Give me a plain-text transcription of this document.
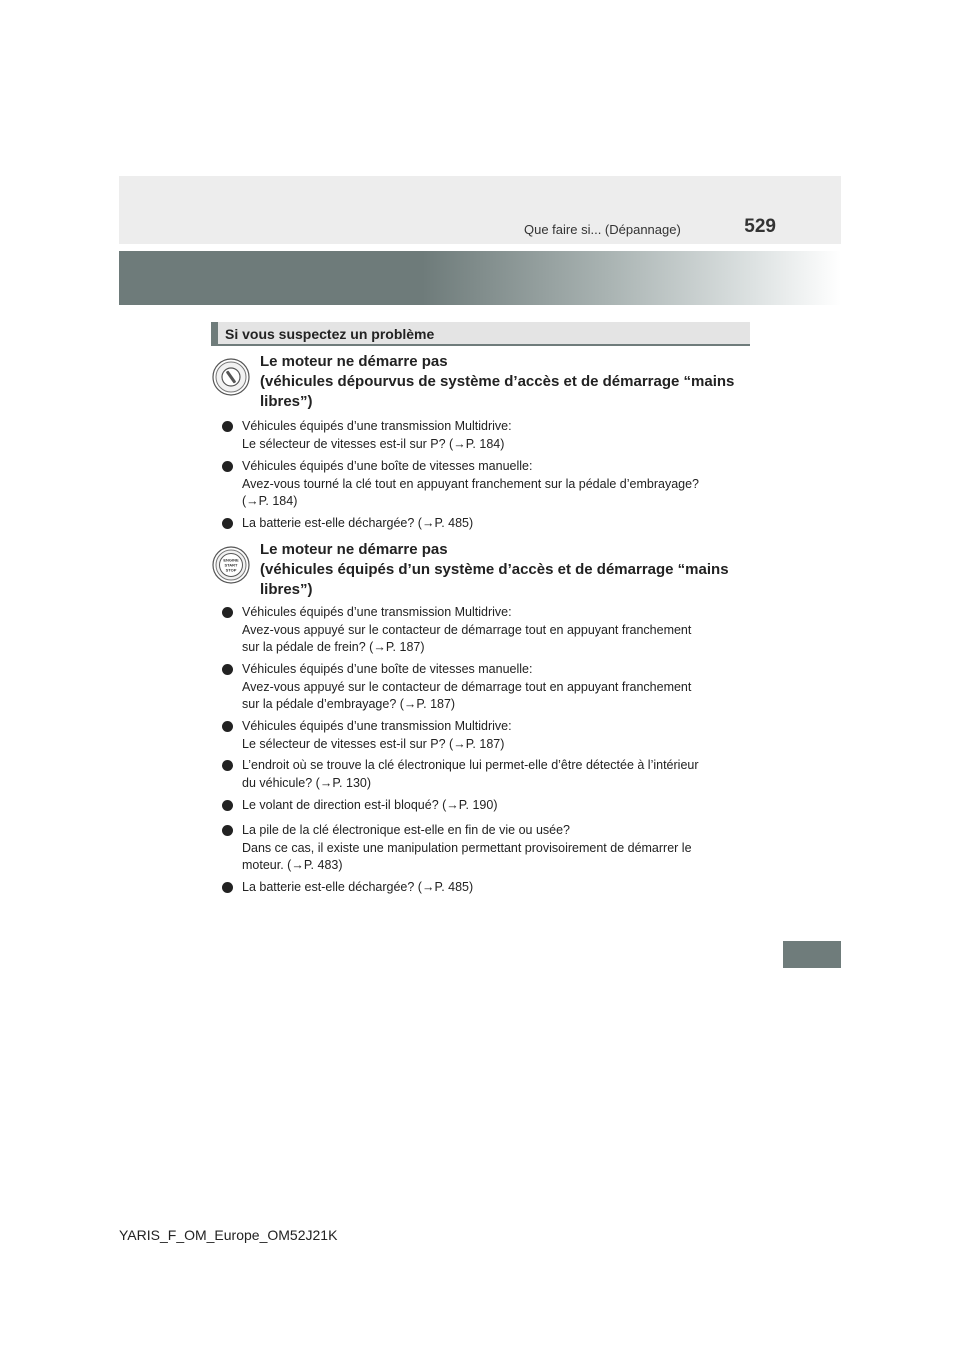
Que faire si... (Dépannage)	529
Si vous suspectez un problème
Le moteur ne démarre pas
(véhicules dépourvus de système d’accès et de démarrage “mains
libres”)
Véhicules équipés d’une transmission Multidrive:
Le sélecteur de vitesses est-il sur P? (→P. 184)
Véhicules équipés d’une boîte de vitesses manuelle:
Avez-vous tourné la clé tout en appuyant franchement sur la pédale d’embrayage?
(→P. 184)
La batterie est-elle déchargée? (→P. 485)
ENGINE
START
STOP
Le moteur ne démarre pas
(véhicules équipés d’un système d’accès et de démarrage “mains
libres”)
Véhicules équipés d’une transmission Multidrive:
Avez-vous appuyé sur le contacteur de démarrage tout en appuyant franchement
sur la pédale de frein? (→P. 187)
Véhicules équipés d’une boîte de vitesses manuelle:
Avez-vous appuyé sur le contacteur de démarrage tout en appuyant franchement
sur la pédale d’embrayage? (→P. 187)
Véhicules équipés d’une transmission Multidrive:
Le sélecteur de vitesses est-il sur P? (→P. 187)
L’endroit où se trouve la clé électronique lui permet-elle d’être détectée à l’intérieur
du véhicule? (→P. 130)
Le volant de direction est-il bloqué? (→P. 190)
La pile de la clé électronique est-elle en fin de vie ou usée?
Dans ce cas, il existe une manipulation permettant provisoirement de démarrer le
moteur. (→P. 483)
La batterie est-elle déchargée? (→P. 485)
YARIS_F_OM_Europe_OM52J21K
